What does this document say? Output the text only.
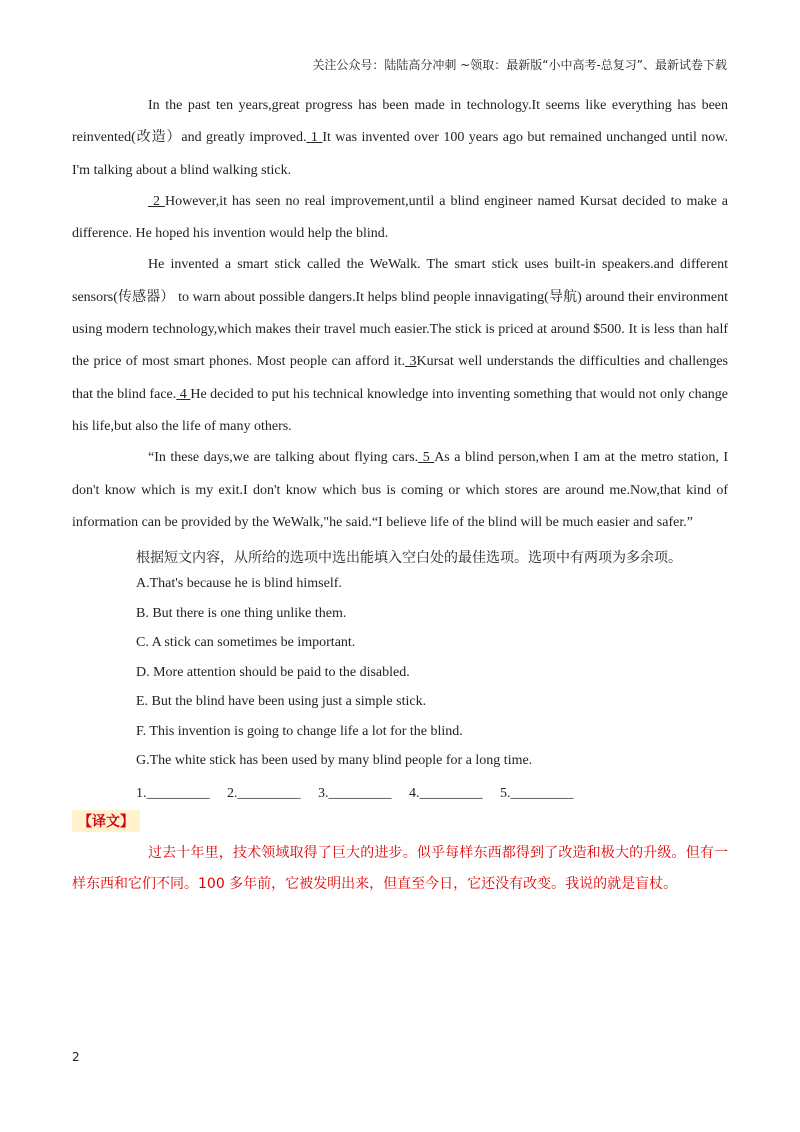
关注公众号：陆陆高分冲刺 ~领取：最新版“小中高考-总复习”、最新试卷下载

In the past ten years,great progress has been made in technology.It seems like everything has been reinvented(改造）and greatly improved. 1 It was invented over 100 years ago but remained unchanged until now. I'm talking about a blind walking stick.

2 However,it has seen no real improvement,until a blind engineer named Kursat decided to make a difference. He hoped his invention would help the blind.

He invented a smart stick called the WeWalk. The smart stick uses built-in speakers.and different sensors(传感器） to warn about possible dangers.It helps blind people innavigating(导航) around their environment using modern technology,which makes their travel much easier.The stick is priced at around $500. It is less than half the price of most smart phones. Most people can afford it. 3Kursat well understands the difficulties and challenges that the blind face. 4 He decided to put his technical knowledge into inventing something that would not only change his life,but also the life of many others.

“In these days,we are talking about flying cars. 5 As a blind person,when I am at the metro station, I don't know which is my exit.I don't know which bus is coming or which stores are around me.Now,that kind of information can be provided by the WeWalk,"he said.“I believe life of the blind will be much easier and safer.”

根据短文内容，从所给的选项中选出能填入空白处的最佳选项。选项中有两项为多余项。

A.That's because he is blind himself.

B. But there is one thing unlike them.

C. A stick can sometimes be important.

D. More attention should be paid to the disabled.

E. But the blind have been using just a simple stick.

F. This invention is going to change life a lot for the blind.

G.The white stick has been used by many blind people for a long time.

1._________ 2._________ 3._________ 4._________ 5._________
【译文】

过去十年里，技术领域取得了巨大的进步。似乎每样东西都得到了改造和极大的升级。但有一样东西和它们不同。100 多年前，它被发明出来，但直至今日，它还没有改变。我说的就是盲杖。

2
